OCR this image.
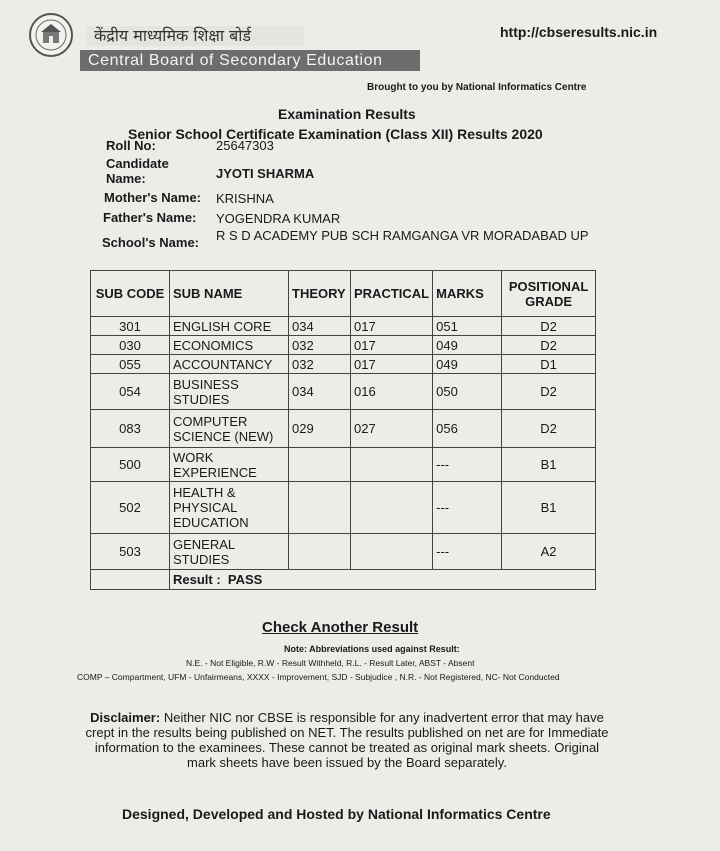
केंद्रीय माध्यमिक शिक्षा बोर्ड
Central Board of Secondary Education
http://cbseresults.nic.in
Brought to you by National Informatics Centre
Examination Results
Senior School Certificate Examination (Class XII) Results 2020
Roll No:	25647303
Candidate Name:	JYOTI SHARMA
Mother's Name: KRISHNA
Father's Name: YOGENDRA KUMAR
School's Name: R S D ACADEMY PUB SCH RAMGANGA VR MORADABAD UP
SUB CODE	SUB NAME	THEORY	PRACTICAL	MARKS	POSITIONAL GRADE
301	ENGLISH CORE	034	017	051	D2
030	ECONOMICS	032	017	049	D2
055	ACCOUNTANCY	032	017	049	D1
054	BUSINESS STUDIES	034	016	050	D2
083	COMPUTER SCIENCE (NEW)	029	027	056	D2
500	WORK EXPERIENCE			---	B1
502	HEALTH & PHYSICAL EDUCATION			---	B1
503	GENERAL STUDIES			---	A2
	Result : PASS				
Check Another Result
Note: Abbreviations used against Result:
N.E. - Not Eligible, R.W - Result Withheld, R.L. - Result Later, ABST - Absent
COMP – Compartment, UFM - Unfairmeans, XXXX - Improvement, SJD - Subjudice , N.R. - Not Registered, NC- Not Conducted
Disclaimer: Neither NIC nor CBSE is responsible for any inadvertent error that may have crept in the results being published on NET. The results published on net are for Immediate information to the examinees. These cannot be treated as original mark sheets. Original mark sheets have been issued by the Board separately.
Designed, Developed and Hosted by National Informatics Centre
